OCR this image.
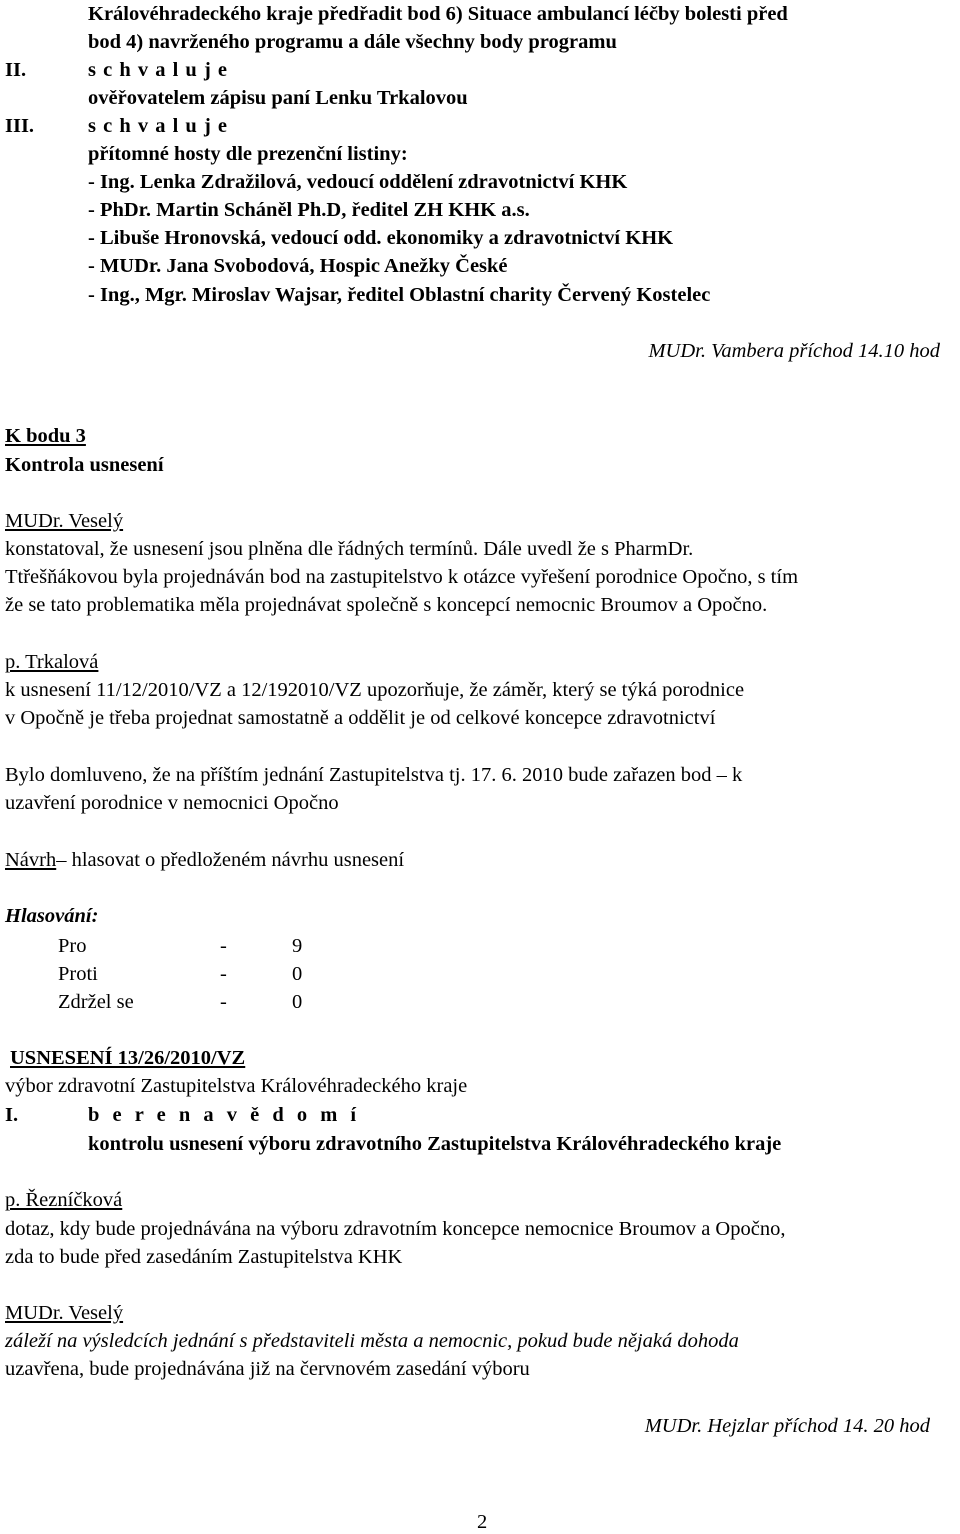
Královéhradeckého kraje předřadit bod 6) Situace ambulancí léčby bolesti před
bod 4) navrženého programu a dále všechny body programu
II.	s c h v a l u j e
ověřovatelem zápisu paní Lenku Trkalovou
III.	s c h v a l u j e
přítomné hosty dle prezenční listiny:
- Ing. Lenka Zdražilová, vedoucí oddělení zdravotnictví KHK
- PhDr. Martin Scháněl Ph.D, ředitel ZH KHK a.s.
- Libuše Hronovská, vedoucí odd. ekonomiky a zdravotnictví KHK
- MUDr. Jana Svobodová, Hospic Anežky České
- Ing., Mgr. Miroslav Wajsar, ředitel Oblastní charity Červený Kostelec
MUDr. Vambera příchod 14.10 hod
K bodu 3
Kontrola usnesení
MUDr. Veselý
konstatoval, že usnesení jsou plněna dle řádných termínů. Dále uvedl že s PharmDr.
Ttřešňákovou byla projednáván bod na zastupitelstvo k otázce vyřešení porodnice Opočno, s tím
že se tato problematika měla projednávat společně s koncepcí nemocnic Broumov a Opočno.
p. Trkalová
k usnesení 11/12/2010/VZ a 12/192010/VZ upozorňuje, že záměr, který se týká porodnice
v Opočně je třeba projednat samostatně a oddělit je od celkové koncepce zdravotnictví
Bylo domluveno, že na příštím jednání Zastupitelstva tj. 17. 6. 2010 bude zařazen bod – k
uzavření porodnice v nemocnici Opočno
Návrh– hlasovat o předloženém návrhu usnesení
Hlasování:
Pro	-	9
Proti	-	0
Zdržel se	-	0
USNESENÍ 13/26/2010/VZ
výbor zdravotní Zastupitelstva Královéhradeckého kraje
I.	b e r e n a v ě d o m í
kontrolu usnesení výboru zdravotního Zastupitelstva Královéhradeckého kraje
p. Řezníčková
dotaz, kdy bude projednávána na výboru zdravotním koncepce nemocnice Broumov a Opočno,
zda to bude před zasedáním Zastupitelstva KHK
MUDr. Veselý
záleží na výsledcích jednání s představiteli města a nemocnic, pokud bude nějaká dohoda
uzavřena, bude projednávána již na červnovém zasedání výboru
MUDr. Hejzlar příchod 14. 20 hod
2
